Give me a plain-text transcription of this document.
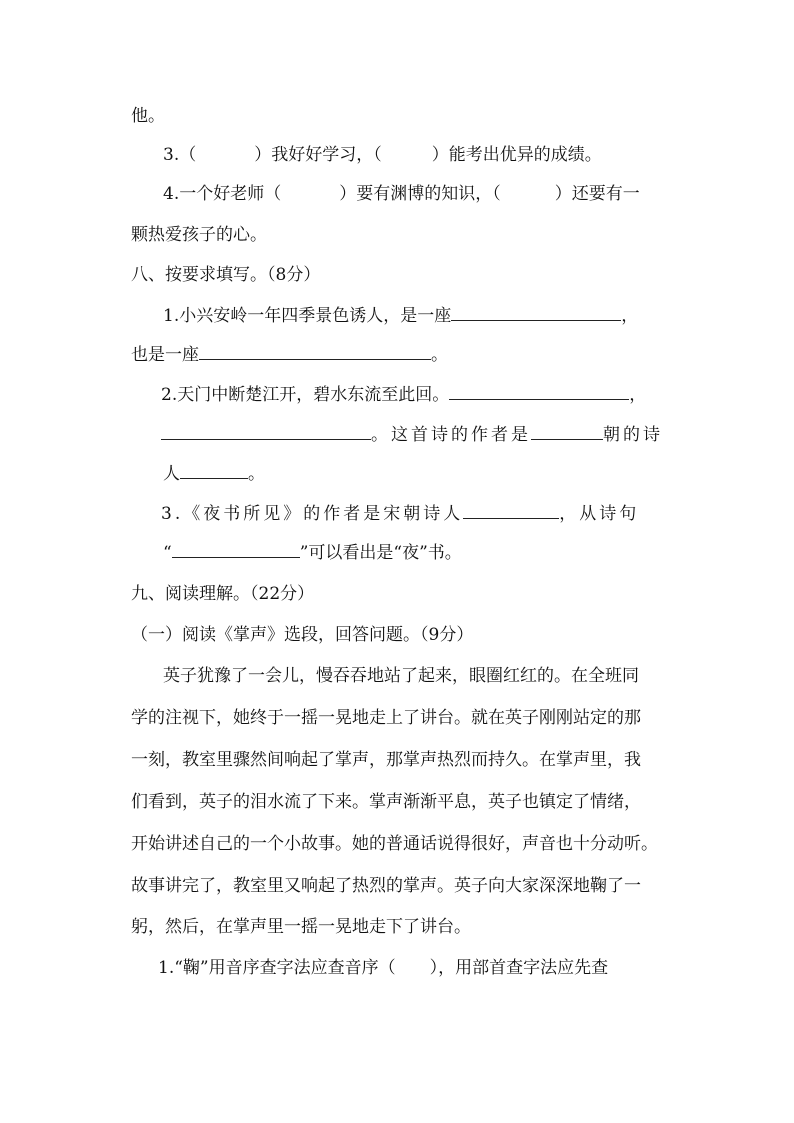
他。
3.（	）我好好学习，（	）能考出优异的成绩。
4.一个好老师（	）要有渊博的知识，（	）还要有一
颗热爱孩子的心。
八、按要求填写。（8分）
1.小兴安岭一年四季景色诱人，是一座	，
也是一座	。
2.天门中断楚江开，碧水东流至此回。	，
。这首诗的作者是	朝的诗
人	。
3.《夜书所见》的作者是宋朝诗人	，从诗句
“	”可以看出是“夜”书。
九、阅读理解。（22分）
（一）阅读《掌声》选段，回答问题。（9分）
英子犹豫了一会儿，慢吞吞地站了起来，眼圈红红的。在全班同
学的注视下，她终于一摇一晃地走上了讲台。就在英子刚刚站定的那
一刻，教室里骤然间响起了掌声，那掌声热烈而持久。在掌声里，我
们看到，英子的泪水流了下来。掌声渐渐平息，英子也镇定了情绪，
开始讲述自己的一个小故事。她的普通话说得很好，声音也十分动听。
故事讲完了，教室里又响起了热烈的掌声。英子向大家深深地鞠了一
躬，然后，在掌声里一摇一晃地走下了讲台。
1.“鞠”用音序查字法应查音序（ ），用部首查字法应先查
